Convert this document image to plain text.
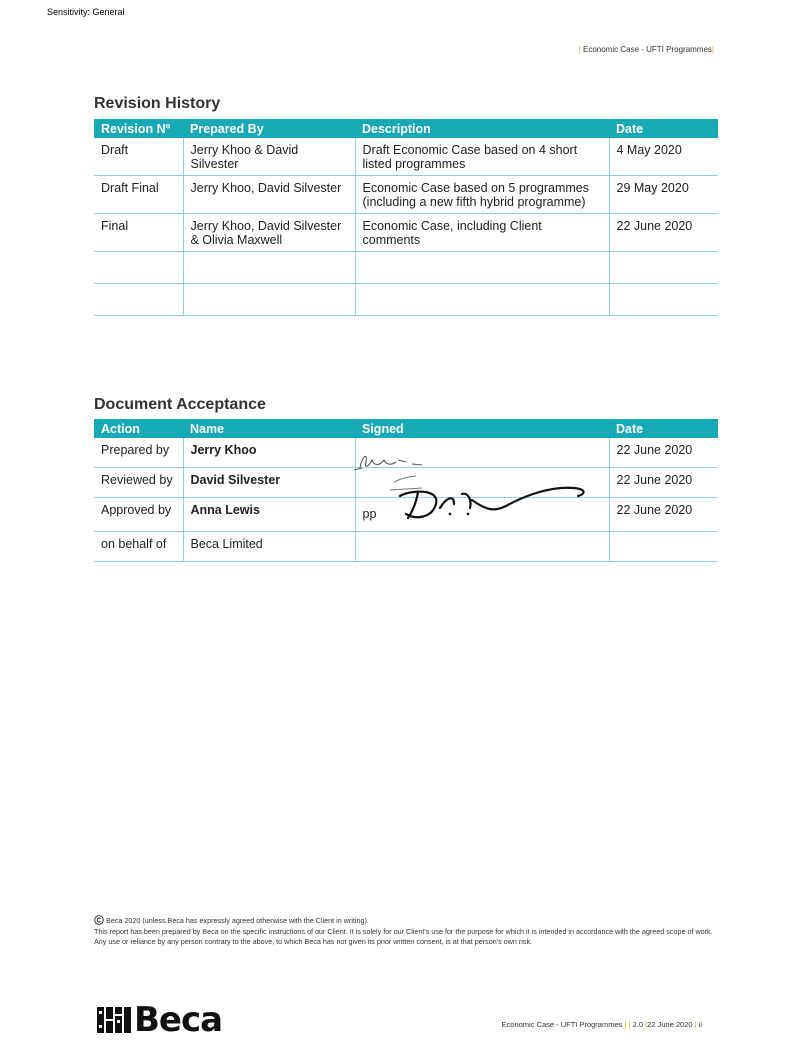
Sensitivity: General
| Economic Case - UFTI Programmes|
Revision History
Revision Nº	Prepared By	Description	Date
Draft	Jerry Khoo & David Silvester	Draft Economic Case based on 4 short listed programmes	4 May 2020
Draft Final	Jerry Khoo, David Silvester	Economic Case based on 5 programmes (including a new fifth hybrid programme)	29 May 2020
Final	Jerry Khoo, David Silvester & Olivia Maxwell	Economic Case, including Client comments	22 June 2020

Document Acceptance
Action	Name	Signed	Date
Prepared by	Jerry Khoo		22 June 2020
Reviewed by	David Silvester		22 June 2020
Approved by	Anna Lewis	pp	22 June 2020
on behalf of	Beca Limited		
Beca 2020 (unless Beca has expressly agreed otherwise with the Client in writing).
This report has been prepared by Beca on the specific instructions of our Client. It is solely for our Client's use for the purpose for which it is intended in accordance with the agreed scope of work. Any use or reliance by any person contrary to the above, to which Beca has not given its prior written consent, is at that person's own risk.
Beca	Economic Case - UFTI Programmes | | 2.0 |22 June 2020 | ii
